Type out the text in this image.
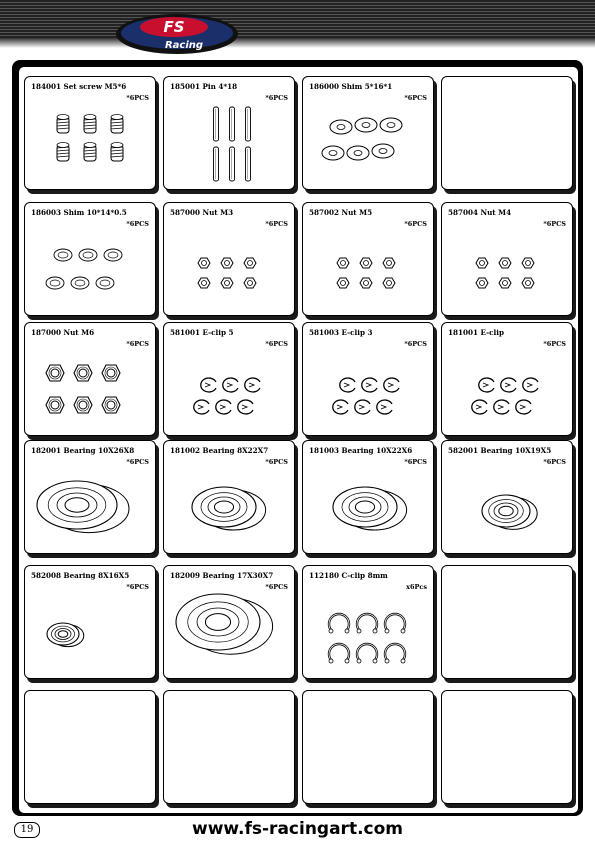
FS
Racing
184001 Set screw M5*6
*6PCS
185001 Pin 4*18
*6PCS
186000 Shim 5*16*1
*6PCS
186003 Shim 10*14*0.5
*6PCS
587000 Nut M3
*6PCS
587002 Nut M5
*6PCS
587004 Nut M4
*6PCS
187000 Nut M6
*6PCS
581001 E-clip 5
*6PCS
581003 E-clip 3
*6PCS
181001 E-clip
*6PCS
182001 Bearing 10X26X8
*6PCS
181002 Bearing 8X22X7
*6PCS
181003 Bearing 10X22X6
*6PCS
582001 Bearing 10X19X5
*6PCS
582008 Bearing 8X16X5
*6PCS
182009 Bearing 17X30X7
*6PCS
112180 C-clip 8mm
x6Pcs
19	www.fs-racingart.com
